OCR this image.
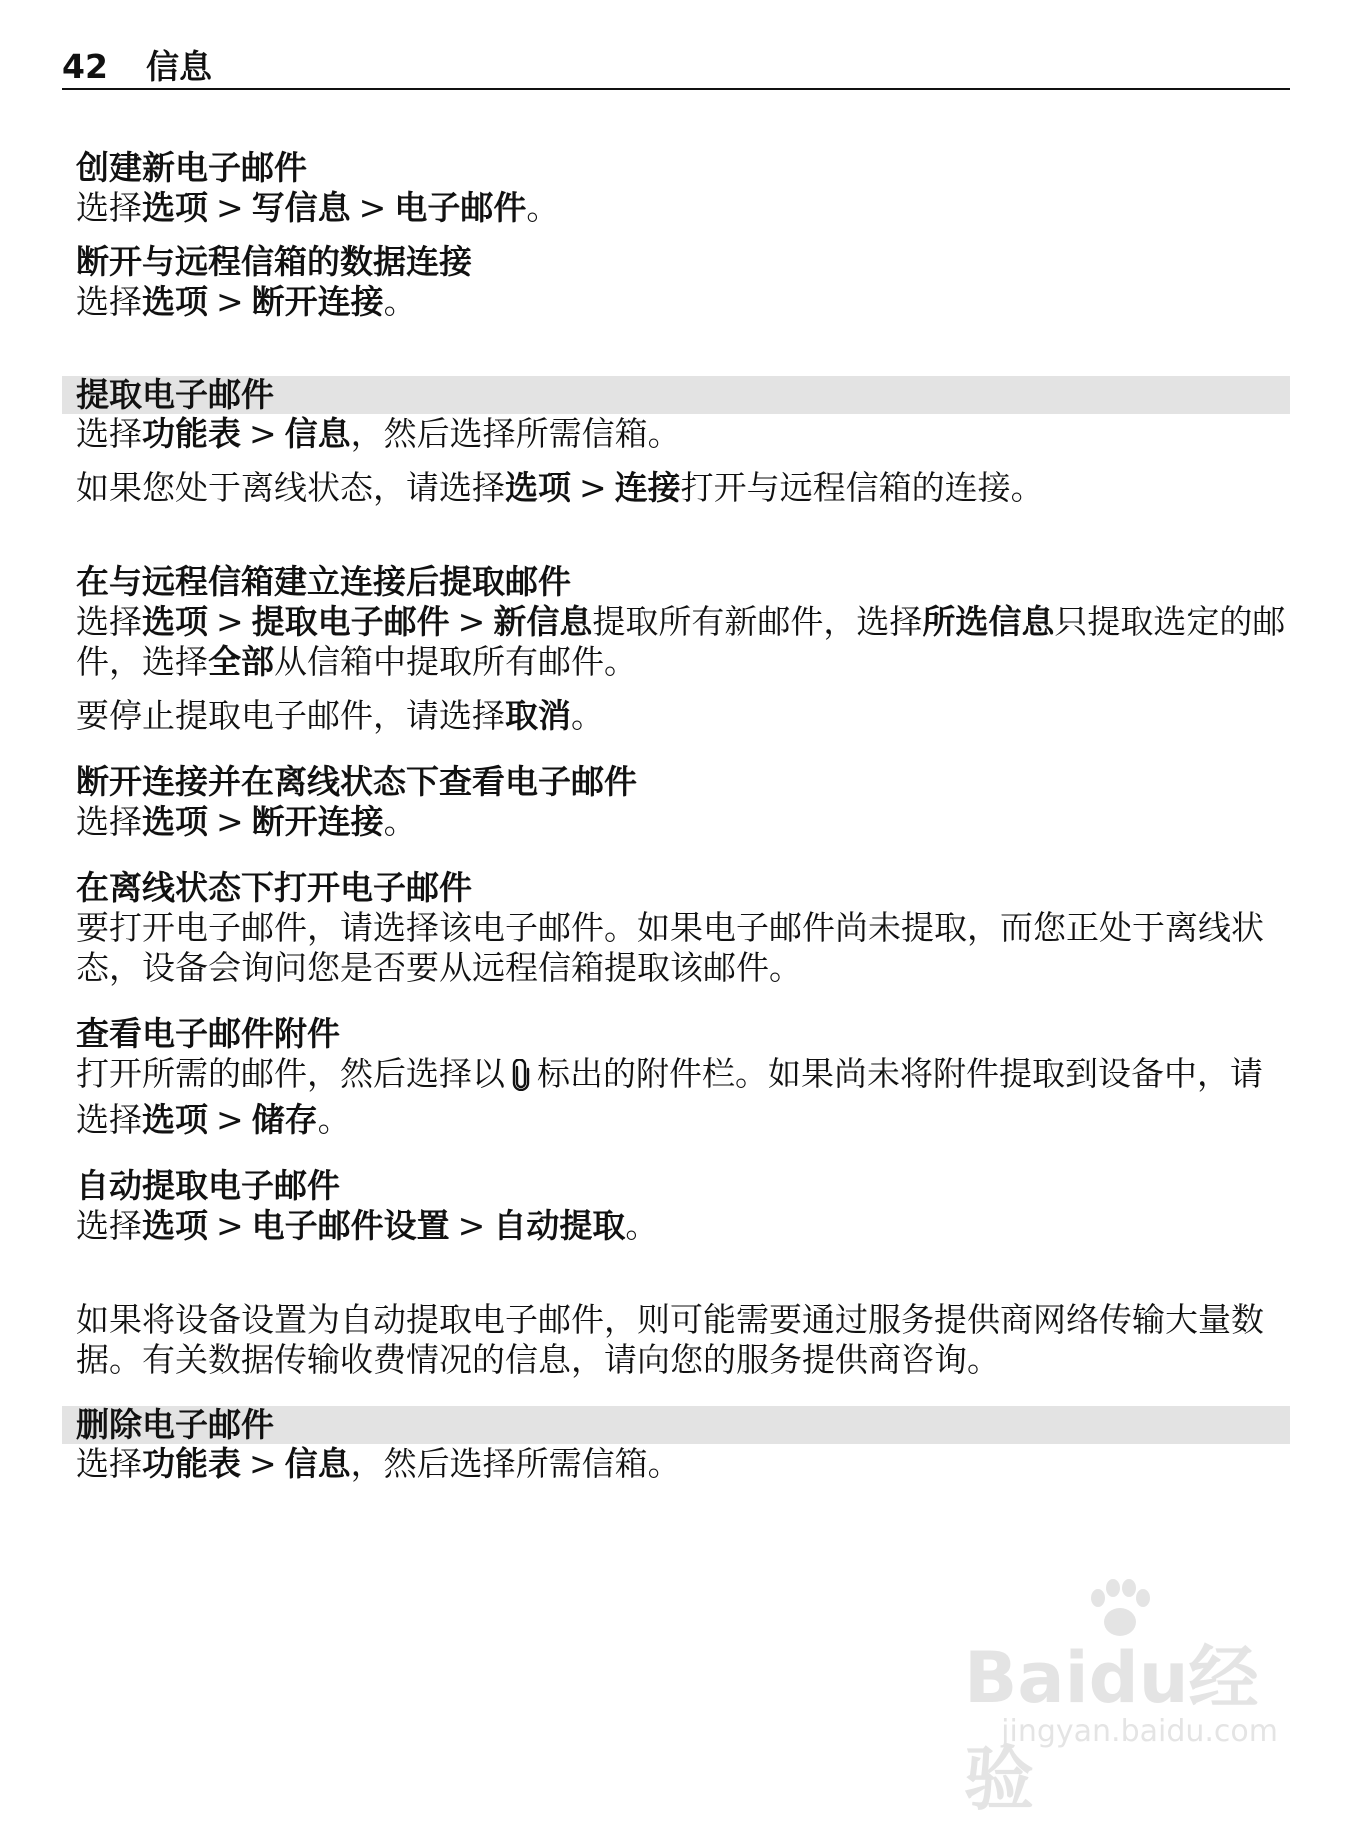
42 信息

创建新电子邮件

选择选项 > 写信息 > 电子邮件。

断开与远程信箱的数据连接

选择选项 > 断开连接。

提取电子邮件

选择功能表 > 信息，然后选择所需信箱。

如果您处于离线状态，请选择选项 > 连接打开与远程信箱的连接。

在与远程信箱建立连接后提取邮件

选择选项 > 提取电子邮件 > 新信息提取所有新邮件，选择所选信息只提取选定的邮件，选择全部从信箱中提取所有邮件。

要停止提取电子邮件，请选择取消。

断开连接并在离线状态下查看电子邮件

选择选项 > 断开连接。

在离线状态下打开电子邮件

要打开电子邮件，请选择该电子邮件。如果电子邮件尚未提取，而您正处于离线状态，设备会询问您是否要从远程信箱提取该邮件。

查看电子邮件附件

打开所需的邮件，然后选择以 标出的附件栏。如果尚未将附件提取到设备中，请选择选项 > 储存。

自动提取电子邮件

选择选项 > 电子邮件设置 > 自动提取。

如果将设备设置为自动提取电子邮件，则可能需要通过服务提供商网络传输大量数据。有关数据传输收费情况的信息，请向您的服务提供商咨询。

删除电子邮件

选择功能表 > 信息，然后选择所需信箱。

Baidu经验
jingyan.baidu.com
